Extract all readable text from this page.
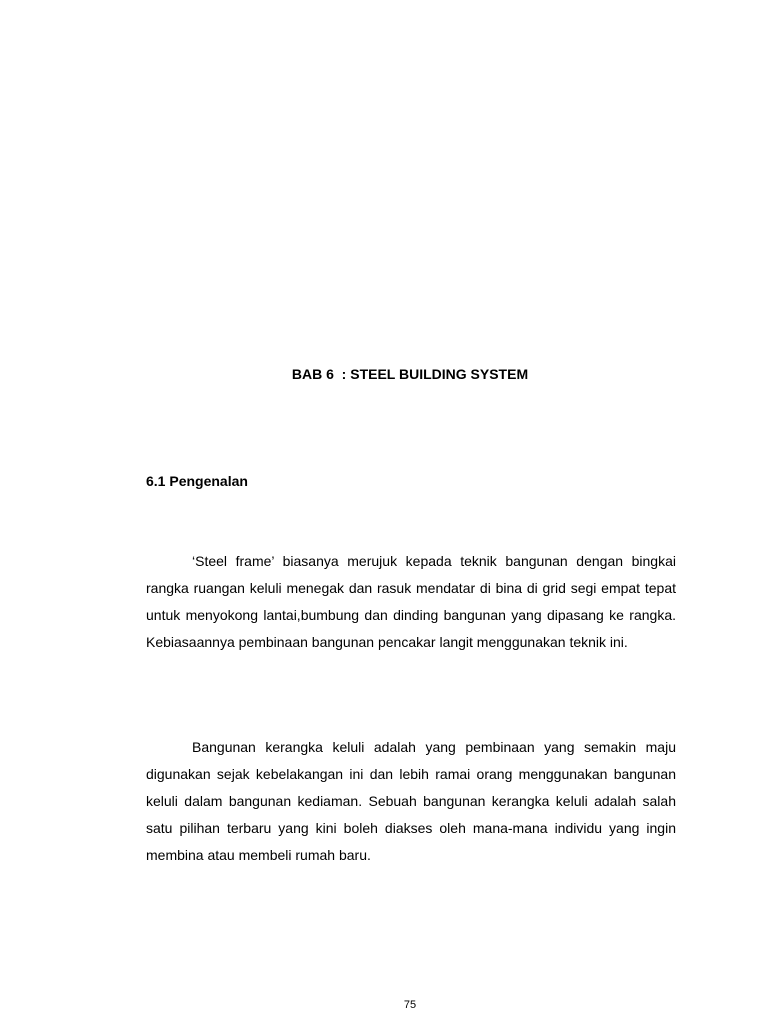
BAB 6  : STEEL BUILDING SYSTEM
6.1 Pengenalan

‘Steel frame’ biasanya merujuk kepada teknik bangunan dengan bingkai rangka ruangan keluli menegak dan rasuk mendatar di bina di grid segi empat tepat untuk menyokong lantai,bumbung dan dinding bangunan yang dipasang ke rangka. Kebiasaannya pembinaan bangunan pencakar langit menggunakan teknik ini.

Bangunan kerangka keluli adalah yang pembinaan yang semakin maju digunakan sejak kebelakangan ini dan lebih ramai orang menggunakan bangunan keluli dalam bangunan kediaman. Sebuah bangunan kerangka keluli adalah salah satu pilihan terbaru yang kini boleh diakses oleh mana-mana individu yang ingin membina atau membeli rumah baru.

75
